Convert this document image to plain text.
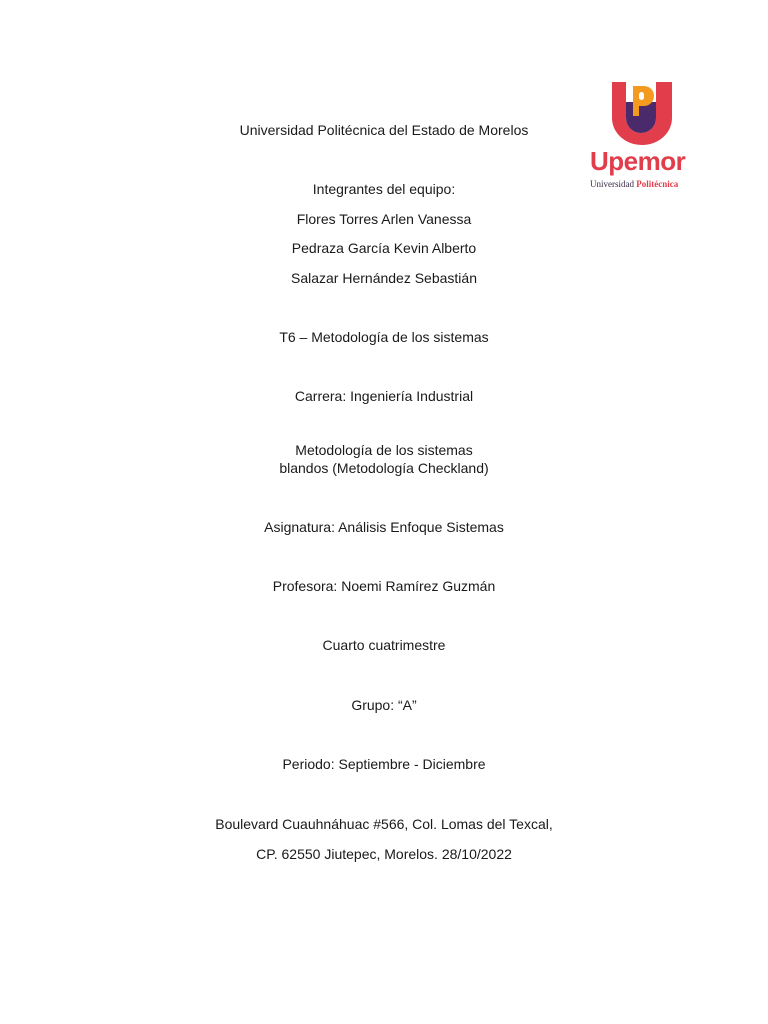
Upemor
Universidad Politécnica
Universidad Politécnica del Estado de Morelos
Integrantes del equipo:
Flores Torres Arlen Vanessa
Pedraza García Kevin Alberto
Salazar Hernández Sebastián
T6 – Metodología de los sistemas
Carrera: Ingeniería Industrial
Metodología de los sistemas
blandos (Metodología Checkland)
Asignatura: Análisis Enfoque Sistemas
Profesora: Noemi Ramírez Guzmán
Cuarto cuatrimestre
Grupo: “A”
Periodo: Septiembre - Diciembre
Boulevard Cuauhnáhuac #566, Col. Lomas del Texcal,
CP. 62550 Jiutepec, Morelos. 28/10/2022
